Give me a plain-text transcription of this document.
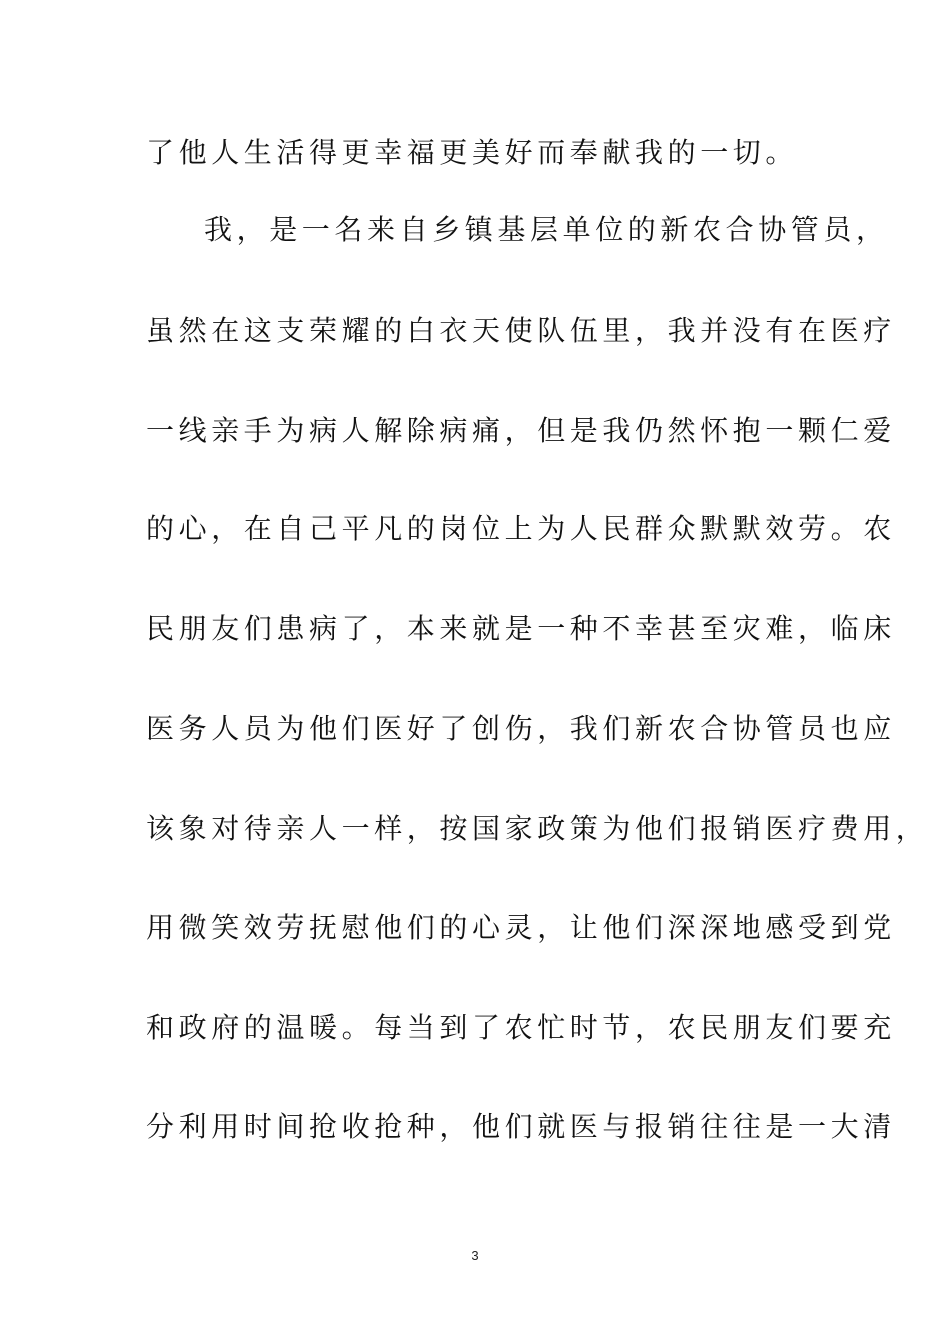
了他人生活得更幸福更美好而奉献我的一切。
我，是一名来自乡镇基层单位的新农合协管员，
虽然在这支荣耀的白衣天使队伍里，我并没有在医疗
一线亲手为病人解除病痛，但是我仍然怀抱一颗仁爱
的心，在自己平凡的岗位上为人民群众默默效劳。农
民朋友们患病了，本来就是一种不幸甚至灾难，临床
医务人员为他们医好了创伤，我们新农合协管员也应
该象对待亲人一样，按国家政策为他们报销医疗费用，
用微笑效劳抚慰他们的心灵，让他们深深地感受到党
和政府的温暖。每当到了农忙时节，农民朋友们要充
分利用时间抢收抢种，他们就医与报销往往是一大清
3
